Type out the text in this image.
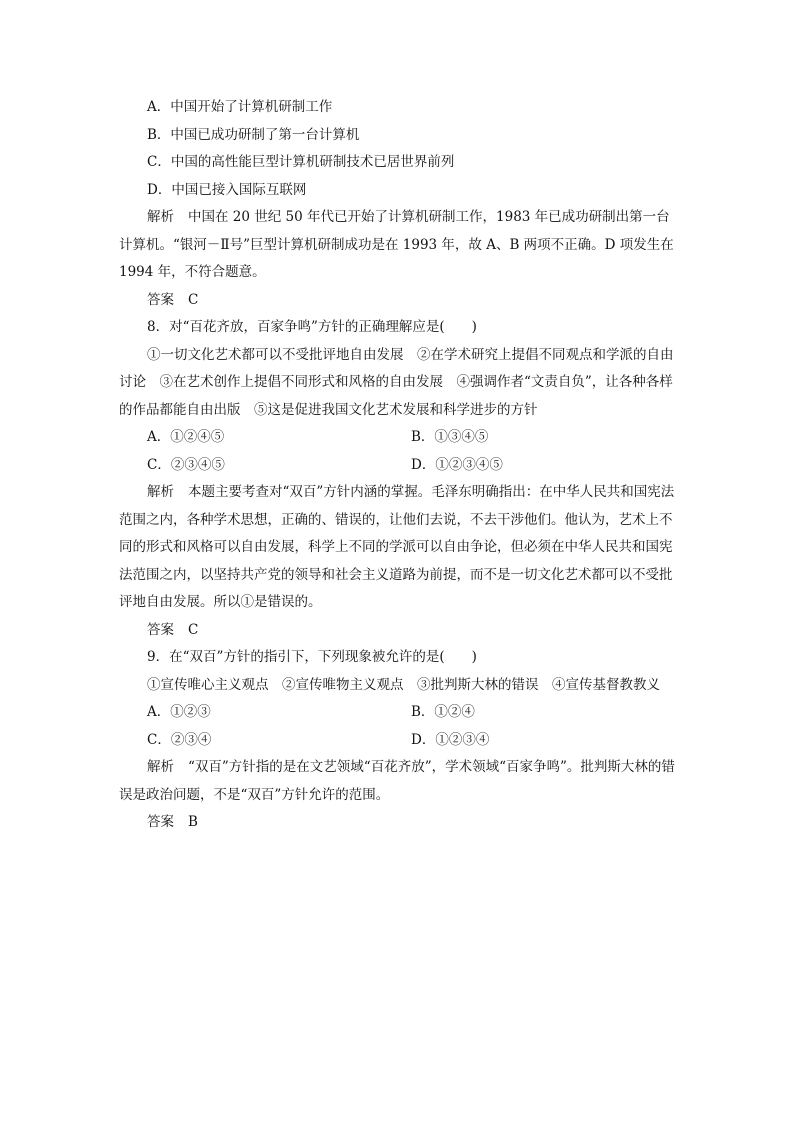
A．中国开始了计算机研制工作
B．中国已成功研制了第一台计算机
C．中国的高性能巨型计算机研制技术已居世界前列
D．中国已接入国际互联网
解析 中国在 20 世纪 50 年代已开始了计算机研制工作，1983 年已成功研制出第一台计算机。“银河－Ⅱ号”巨型计算机研制成功是在 1993 年，故 A、B 两项不正确。D 项发生在 1994 年，不符合题意。
答案 C
8．对“百花齐放，百家争鸣”方针的正确理解应是(　　)
①一切文化艺术都可以不受批评地自由发展　②在学术研究上提倡不同观点和学派的自由讨论　③在艺术创作上提倡不同形式和风格的自由发展　④强调作者“文责自负”，让各种各样的作品都能自由出版　⑤这是促进我国文化艺术发展和科学进步的方针
A．①②④⑤	B．①③④⑤
C．②③④⑤	D．①②③④⑤
解析 本题主要考查对“双百”方针内涵的掌握。毛泽东明确指出：在中华人民共和国宪法范围之内，各种学术思想，正确的、错误的，让他们去说，不去干涉他们。他认为，艺术上不同的形式和风格可以自由发展，科学上不同的学派可以自由争论，但必须在中华人民共和国宪法范围之内，以坚持共产党的领导和社会主义道路为前提，而不是一切文化艺术都可以不受批评地自由发展。所以①是错误的。
答案 C
9．在“双百”方针的指引下，下列现象被允许的是(　　)
①宣传唯心主义观点　②宣传唯物主义观点　③批判斯大林的错误　④宣传基督教教义
A．①②③	B．①②④
C．②③④	D．①②③④
解析 “双百”方针指的是在文艺领域“百花齐放”，学术领域“百家争鸣”。批判斯大林的错误是政治问题，不是“双百”方针允许的范围。
答案 B
